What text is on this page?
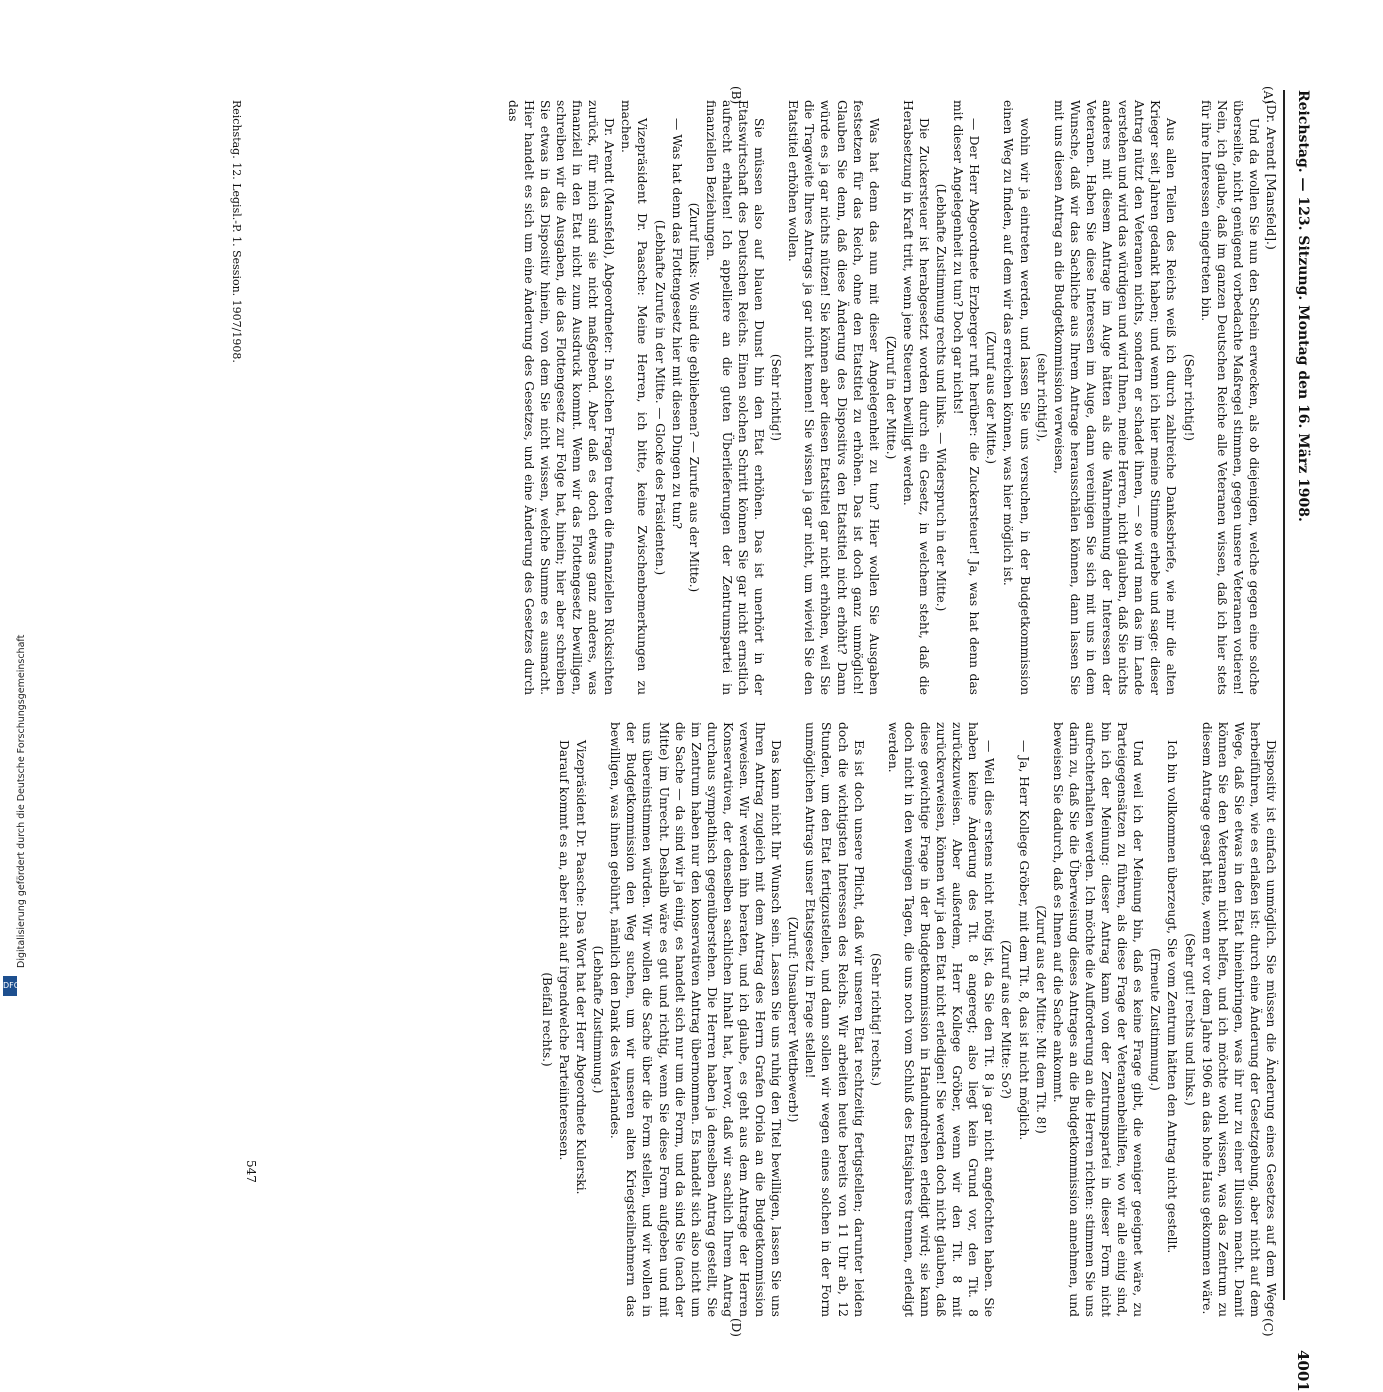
Reichstag. — 123. Sitzung. Montag den 16. März 1908.
4001
(A)
(B)
(C)
(D)

(Dr. Arendt [Mansfeld].)

Und da wollen Sie nun den Schein erwecken, als ob diejenigen, welche gegen eine solche überseilte, nicht genügend vorbedachte Maßregel stimmen, gegen unsere Veteranen votieren! Nein, ich glaube, daß im ganzen Deutschen Reiche alle Veteranen wissen, daß ich hier stets für ihre Interessen eingetreten bin.

(Sehr richtig!)

Aus allen Teilen des Reichs weiß ich durch zahlreiche Dankesbriefe, wie mir die alten Krieger seit Jahren gedankt haben; und wenn ich hier meine Stimme erhebe und sage: dieser Antrag nützt den Veteranen nichts, sondern er schadet ihnen, — so wird man das im Lande verstehen und wird das würdigen und wird Ihnen, meine Herren, nicht glauben, daß Sie nichts anderes mit diesem Antrage im Auge hätten als die Wahrnehmung der Interessen der Veteranen. Haben Sie diese Interessen im Auge, dann vereinigen Sie sich mit uns in dem Wunsche, daß wir das Sachliche aus Ihrem Antrage herausschälen können, dann lassen Sie mit uns diesen Antrag an die Budgetkommission verweisen,

(sehr richtig!),

wohin wir ja eintreten werden, und lassen Sie uns versuchen, in der Budgetkommission einen Weg zu finden, auf dem wir das erreichen können, was hier möglich ist.

(Zuruf aus der Mitte.)

— Der Herr Abgeordnete Erzberger ruft herüber: die Zuckersteuer! Ja, was hat denn das mit dieser Angelegenheit zu tun? Doch gar nichts!

(Lebhafte Zustimmung rechts und links. — Widerspruch in der Mitte.)

Die Zuckersteuer ist herabgesetzt worden durch ein Gesetz, in welchem steht, daß die Herabsetzung in Kraft tritt, wenn jene Steuern bewilligt werden.

(Zuruf in der Mitte.)

Was hat denn das nun mit dieser Angelegenheit zu tun? Hier wollen Sie Ausgaben festsetzen für das Reich, ohne den Etatstitel zu erhöhen. Das ist doch ganz unmöglich! Glauben Sie denn, daß diese Änderung des Dispositivs den Etatstitel nicht erhöht? Dann würde es ja gar nichts nützen! Sie können aber diesen Etatstitel gar nicht erhöhen, weil Sie die Tragweite Ihres Antrags ja gar nicht kennen! Sie wissen ja gar nicht, um wieviel Sie den Etatstitel erhöhen wollen.

(Sehr richtig!)

Sie müssen also auf blauen Dunst hin den Etat erhöhen. Das ist unerhört in der Etatswirtschaft des Deutschen Reichs. Einen solchen Schritt können Sie gar nicht ernstlich aufrecht erhalten! Ich appelliere an die guten Überlieferungen der Zentrumspartei in finanziellen Beziehungen.

(Zuruf links: Wo sind die gebliebenen? — Zurufe aus der Mitte.)

— Was hat denn das Flottengesetz hier mit diesen Dingen zu tun?

(Lebhafte Zurufe in der Mitte. — Glocke des Präsidenten.)

Vizepräsident Dr. Paasche: Meine Herren, ich bitte, keine Zwischenbemerkungen zu machen.

Dr. Arendt (Mansfeld), Abgeordneter: In solchen Fragen treten die finanziellen Rücksichten zurück, für mich sind sie nicht maßgebend. Aber daß es doch etwas ganz anderes, was finanziell in den Etat nicht zum Ausdruck kommt. Wenn wir das Flottengesetz bewilligen, schreiben wir die Ausgaben, die das Flottengesetz zur Folge hat, hinein; hier aber schreiben Sie etwas in das Dispositiv hinein, von dem Sie nicht wissen, welche Summe es ausmacht. Hier handelt es sich um eine Änderung des Gesetzes, und eine Änderung des Gesetzes durch das

Dispositiv ist einfach unmöglich. Sie müssen die Änderung eines Gesetzes auf dem Wege herbeiführen, wie es erlaßen ist: durch eine Änderung der Gesetzgebung, aber nicht auf dem Wege, daß Sie etwas in den Etat hineinbringen, was ihr nur zu einer Illusion macht. Damit können Sie den Veteranen nicht helfen, und ich möchte wohl wissen, was das Zentrum zu diesem Antrage gesagt hätte, wenn er vor dem Jahre 1906 an das hohe Haus gekommen wäre.

(Sehr gut! rechts und links.)

Ich bin vollkommen überzeugt, Sie vom Zentrum hätten den Antrag nicht gestellt.

(Erneute Zustimmung.)

Und weil ich der Meinung bin, daß es keine Frage gibt, die weniger geeignet wäre, zu Parteigegensätzen zu führen, als diese Frage der Veteranenbeihilfen, wo wir alle einig sind, bin ich der Meinung: dieser Antrag kann von der Zentrumspartei in dieser Form nicht aufrechterhalten werden. Ich möchte die Aufforderung an die Herren richten: stimmen Sie uns darin zu, daß Sie die Überweisung dieses Antrages an die Budgetkommission annehmen, und beweisen Sie dadurch, daß es Ihnen auf die Sache ankommt.

(Zuruf aus der Mitte: Mit dem Tit. 8!)

— Ja, Herr Kollege Gröber, mit dem Tit. 8, das ist nicht möglich.

(Zuruf aus der Mitte: So?)

— Weil dies erstens nicht nötig ist, da Sie den Tit. 8 ja gar nicht angefochten haben. Sie haben keine Änderung des Tit. 8 angeregt; also liegt kein Grund vor, den Tit. 8 zurückzuweisen. Aber außerdem, Herr Kollege Gröber, wenn wir den Tit. 8 mit zurückverweisen, können wir ja den Etat nicht erledigen! Sie werden doch nicht glauben, daß diese gewichtige Frage in der Budgetkommission in Handumdrehen erledigt wird; sie kann doch nicht in den wenigen Tagen, die uns noch vom Schluß des Etatsjahres trennen, erledigt werden.

(Sehr richtig! rechts.)

Es ist doch unsere Pflicht, daß wir unseren Etat rechtzeitig fertigstellen; darunter leiden doch die wichtigsten Interessen des Reichs. Wir arbeiten heute bereits von 11 Uhr ab, 12 Stunden, um den Etat fertigzustellen, und dann sollen wir wegen eines solchen in der Form unmöglichen Antrags unser Etatsgesetz in Frage stellen!

(Zuruf: Unsauberer Wettbewerb!)

Das kann nicht Ihr Wunsch sein. Lassen Sie uns ruhig den Titel bewilligen, lassen Sie uns Ihren Antrag zugleich mit dem Antrag des Herrn Grafen Oriola an die Budgetkommission verweisen. Wir werden ihn beraten, und ich glaube, es geht aus dem Antrage der Herren Konservativen, der denselben sachlichen Inhalt hat, hervor, daß wir sachlich Ihrem Antrag durchaus sympathisch gegenüberstehen. Die Herren haben ja denselben Antrag gestellt, Sie im Zentrum haben nur den konservativen Antrag übernommen. Es handelt sich also nicht um die Sache — da sind wir ja einig, es handelt sich nur um die Form, und da sind Sie (nach der Mitte) im Unrecht. Deshalb wäre es gut und richtig, wenn Sie diese Form aufgeben und mit uns übereinstimmen würden. Wir wollen die Sache über die Form stellen, und wir wollen in der Budgetkommission den Weg suchen, um wir unseren alten Kriegsteilnehmern das bewilligen, was ihnen gebührt, nämlich den Dank des Vaterlandes.

(Lebhafte Zustimmung.)

Vizepräsident Dr. Paasche: Das Wort hat der Herr Abgeordnete Kulerski.

Darauf kommt es an, aber nicht auf irgendwelche Parteiinteressen.

(Beifall rechts.)

Reichstag. 12. Legisl.-P. 1. Session. 1907/1908.
547
Digitalisierung gefördert durch die Deutsche Forschungsgemeinschaft
DFG
